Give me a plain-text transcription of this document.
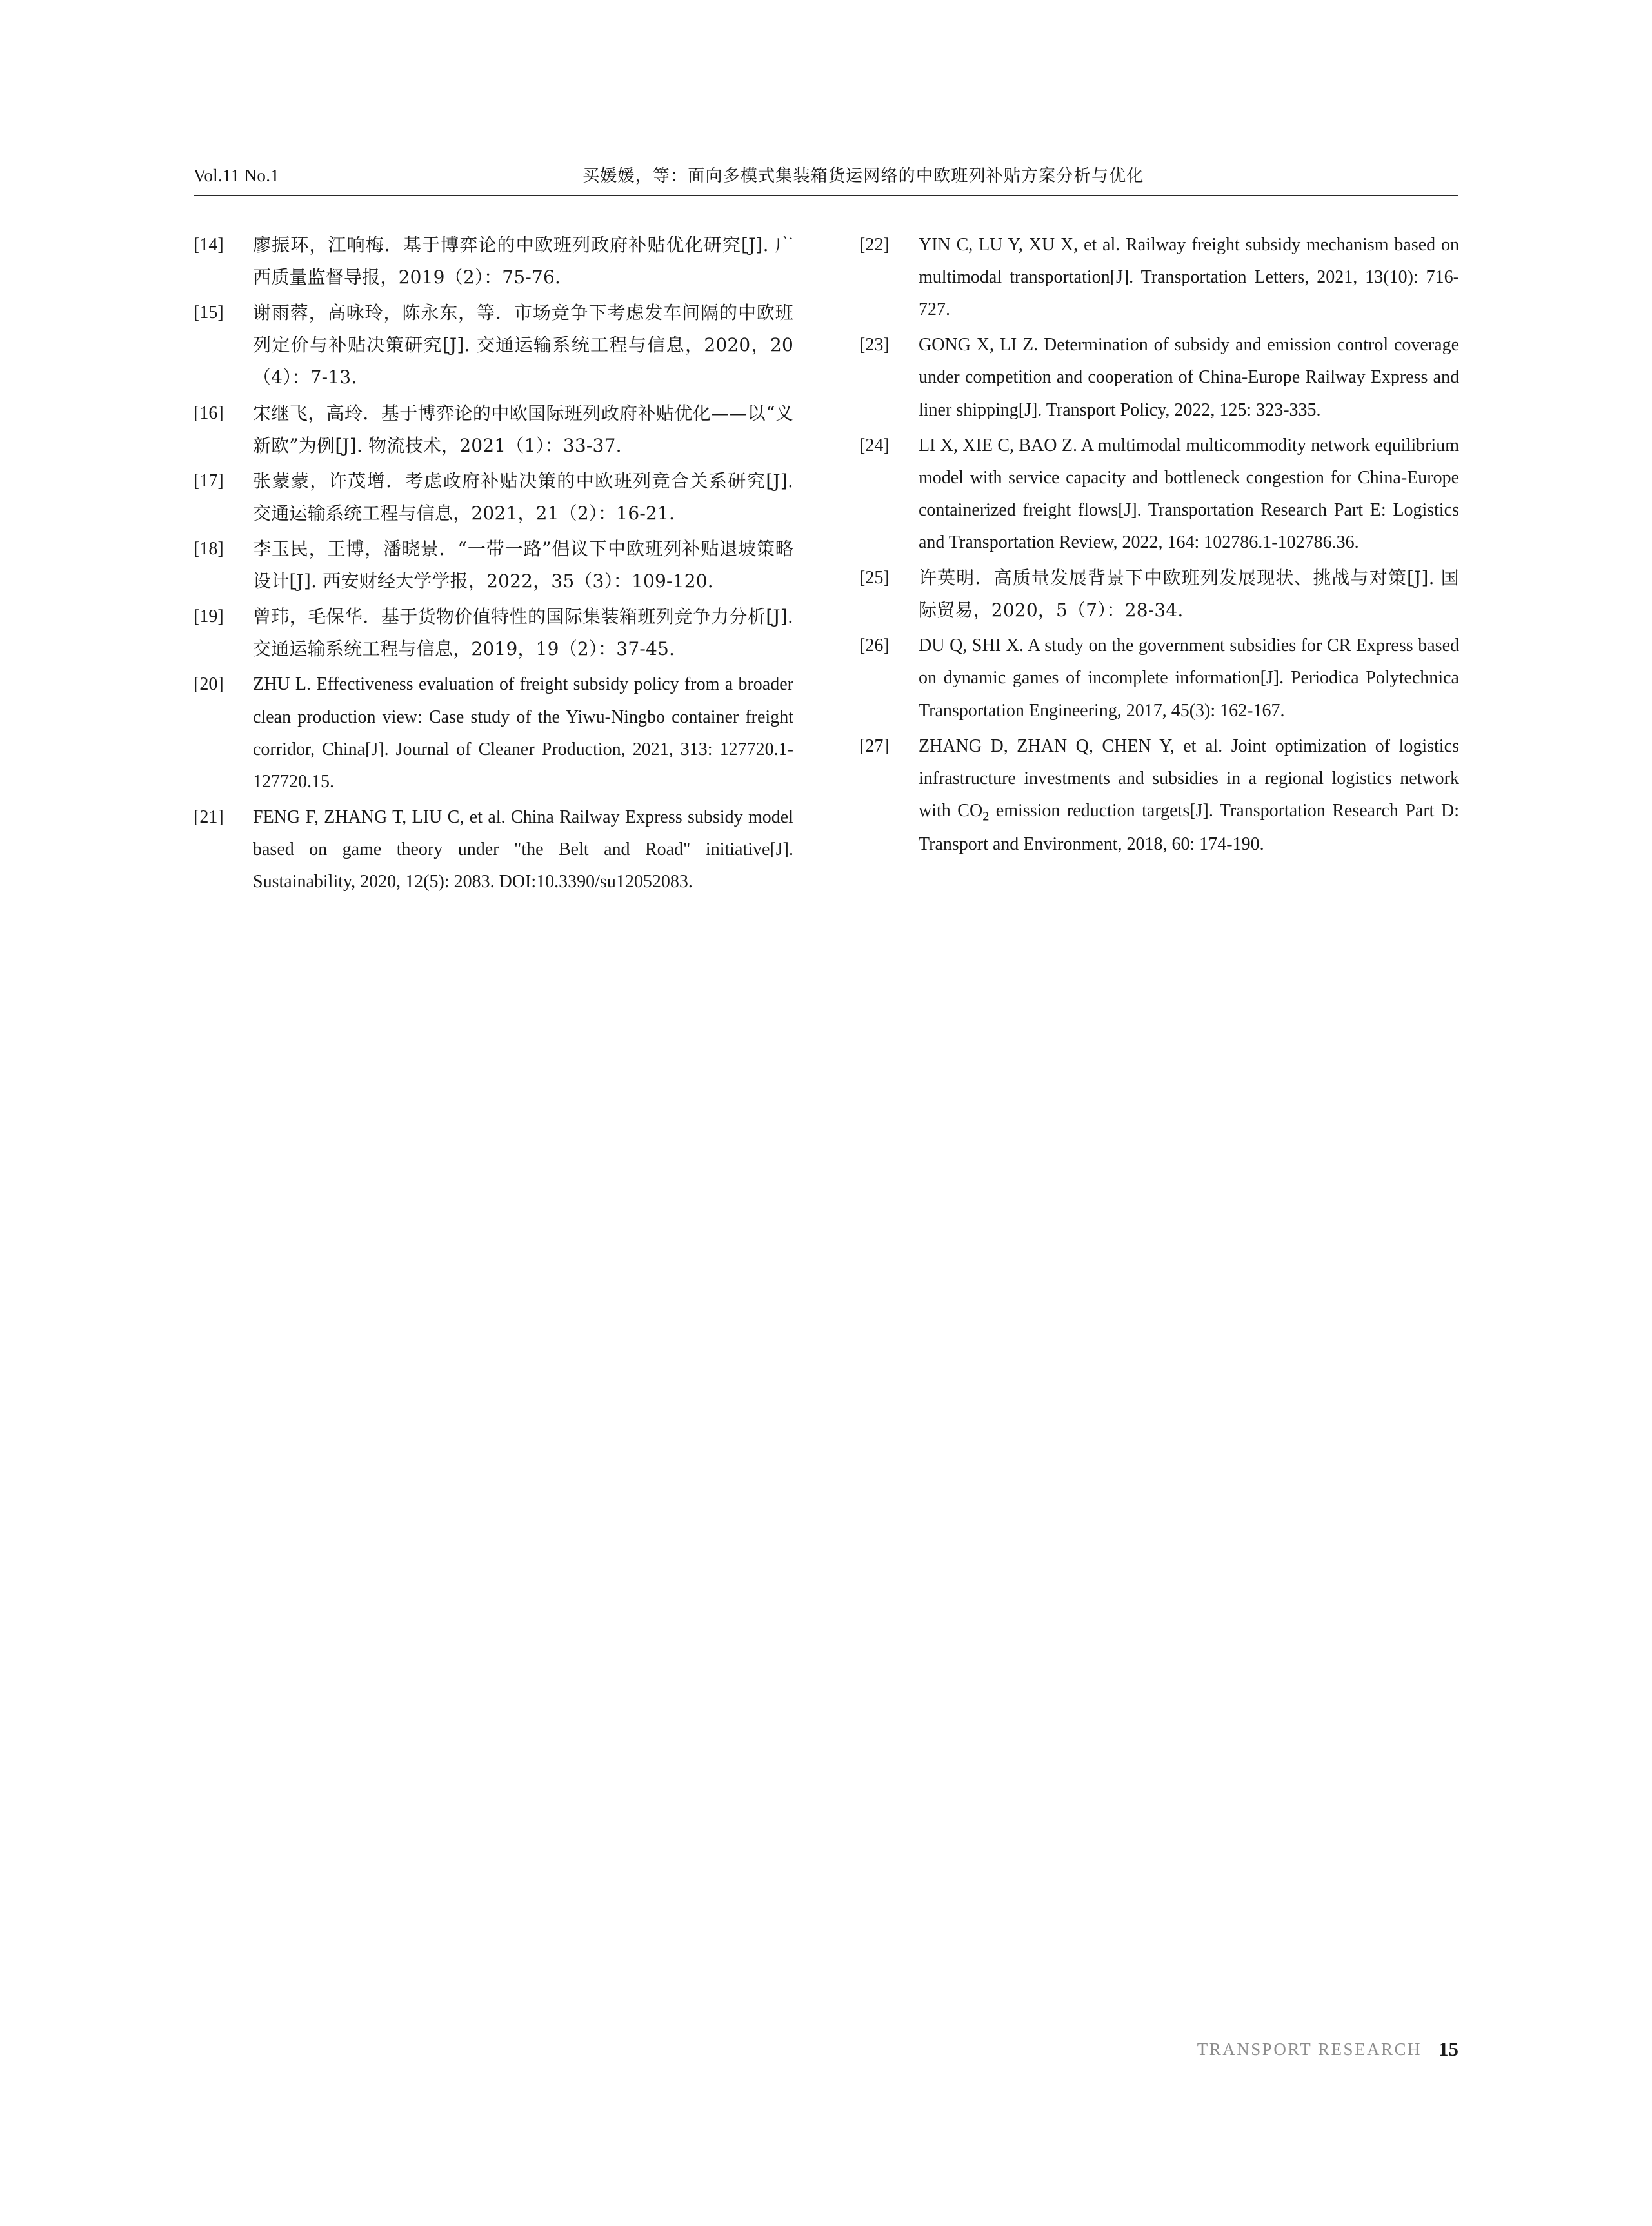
Vol.11 No.1	买媛媛，等：面向多模式集装箱货运网络的中欧班列补贴方案分析与优化
[14]	廖振环，江响梅．基于博弈论的中欧班列政府补贴优化研究[J]. 广西质量监督导报，2019（2）：75-76.
[15]	谢雨蓉，高咏玲，陈永东，等．市场竞争下考虑发车间隔的中欧班列定价与补贴决策研究[J]. 交通运输系统工程与信息，2020，20（4）：7-13.
[16]	宋继飞，高玲．基于博弈论的中欧国际班列政府补贴优化——以“义新欧”为例[J]. 物流技术，2021（1）：33-37.
[17]	张蒙蒙，许茂增．考虑政府补贴决策的中欧班列竞合关系研究[J]. 交通运输系统工程与信息，2021，21（2）：16-21.
[18]	李玉民，王博，潘晓景．“一带一路”倡议下中欧班列补贴退坡策略设计[J]. 西安财经大学学报，2022，35（3）：109-120.
[19]	曾玮，毛保华．基于货物价值特性的国际集装箱班列竞争力分析[J]. 交通运输系统工程与信息，2019，19（2）：37-45.
[20]	ZHU L. Effectiveness evaluation of freight subsidy policy from a broader clean production view: Case study of the Yiwu-Ningbo container freight corridor, China[J]. Journal of Cleaner Production, 2021, 313: 127720.1-127720.15.
[21]	FENG F, ZHANG T, LIU C, et al. China Railway Express subsidy model based on game theory under "the Belt and Road" initiative[J]. Sustainability, 2020, 12(5): 2083. DOI:10.3390/su12052083.
[22]	YIN C, LU Y, XU X, et al. Railway freight subsidy mechanism based on multimodal transportation[J]. Transportation Letters, 2021, 13(10): 716-727.
[23]	GONG X, LI Z. Determination of subsidy and emission control coverage under competition and cooperation of China-Europe Railway Express and liner shipping[J]. Transport Policy, 2022, 125: 323-335.
[24]	LI X, XIE C, BAO Z. A multimodal multicommodity network equilibrium model with service capacity and bottleneck congestion for China-Europe containerized freight flows[J]. Transportation Research Part E: Logistics and Transportation Review, 2022, 164: 102786.1-102786.36.
[25]	许英明．高质量发展背景下中欧班列发展现状、挑战与对策[J]. 国际贸易，2020，5（7）：28-34.
[26]	DU Q, SHI X. A study on the government subsidies for CR Express based on dynamic games of incomplete information[J]. Periodica Polytechnica Transportation Engineering, 2017, 45(3): 162-167.
[27]	ZHANG D, ZHAN Q, CHEN Y, et al. Joint optimization of logistics infrastructure investments and subsidies in a regional logistics network with $CO_2$ emission reduction targets[J]. Transportation Research Part D: Transport and Environment, 2018, 60: 174-190.
TRANSPORT RESEARCH 15
